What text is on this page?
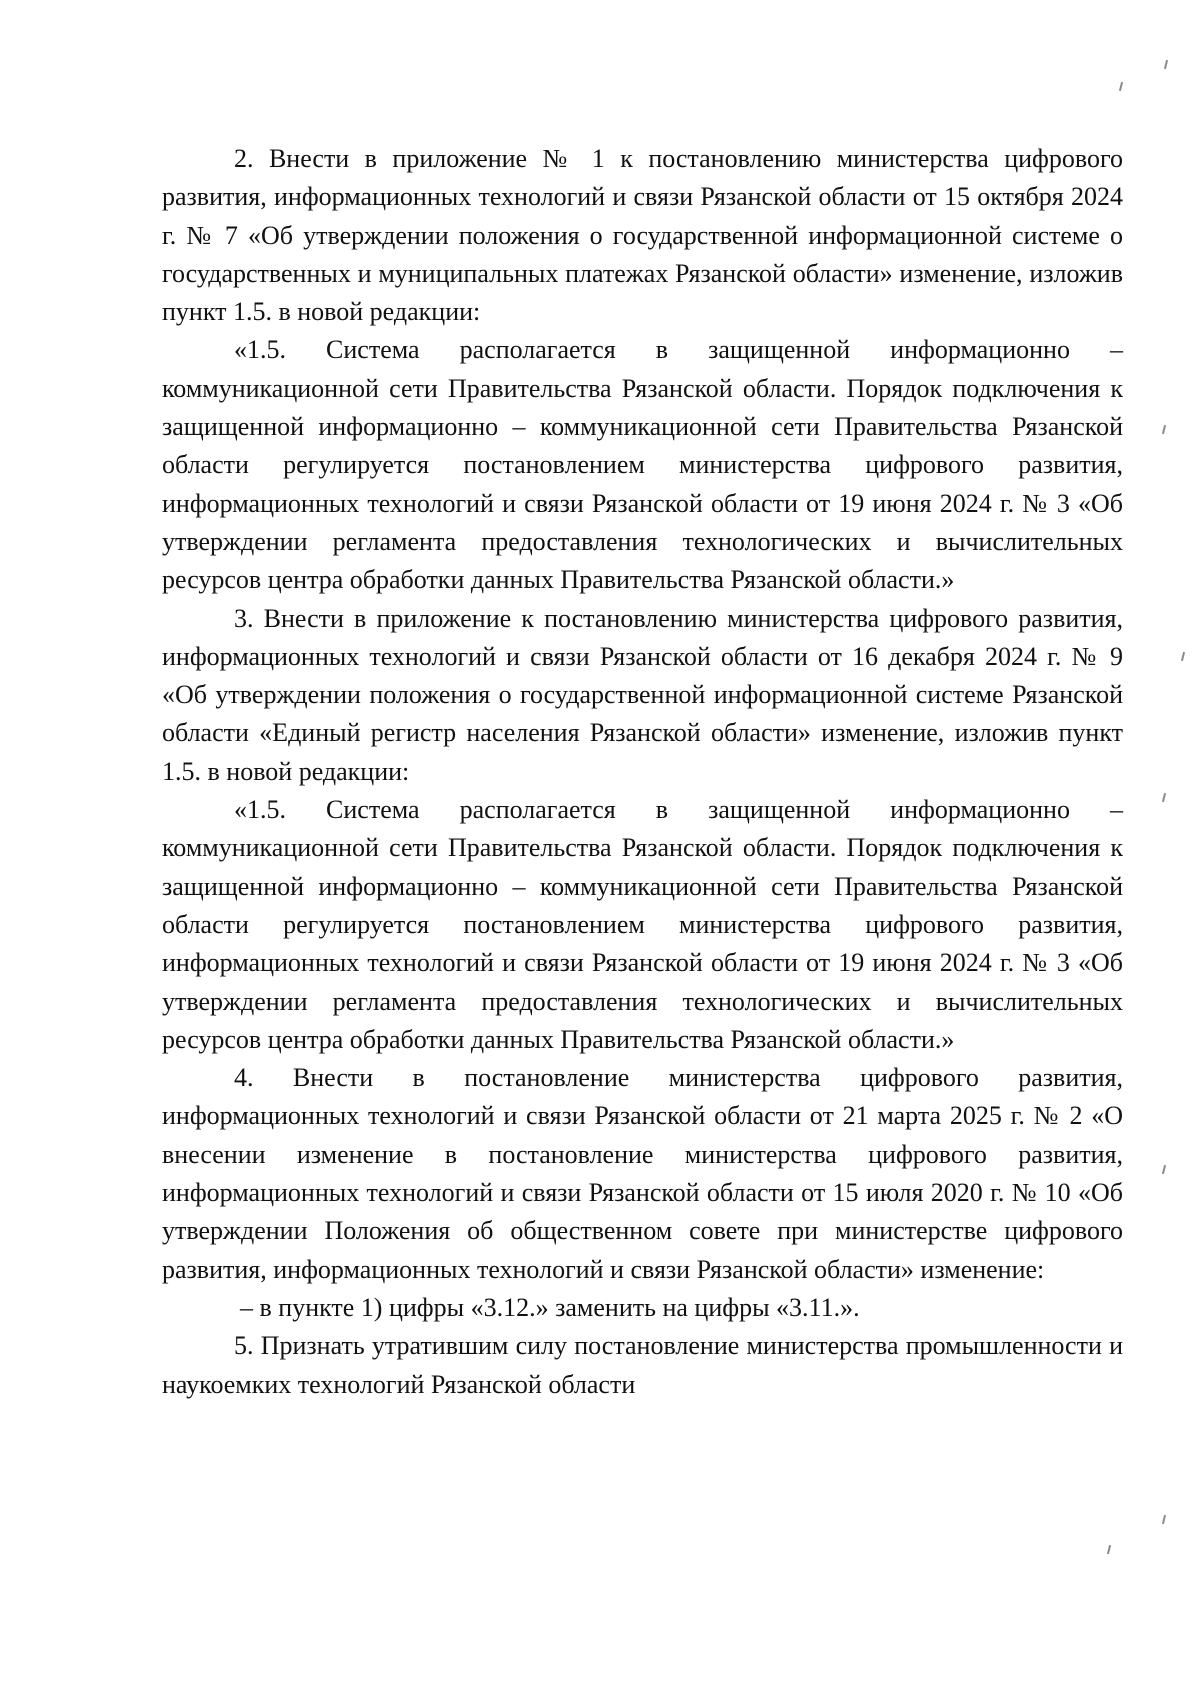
2. Внести в приложение № 1 к постановлению министерства цифрового развития, информационных технологий и связи Рязанской области от 15 октября 2024 г. № 7 «Об утверждении положения о государственной информационной системе о государственных и муниципальных платежах Рязанской области» изменение, изложив пункт 1.5. в новой редакции:

«1.5. Система располагается в защищенной информационно – коммуникационной сети Правительства Рязанской области. Порядок подключения к защищенной информационно – коммуникационной сети Правительства Рязанской области регулируется постановлением министерства цифрового развития, информационных технологий и связи Рязанской области от 19 июня 2024 г. № 3 «Об утверждении регламента предоставления технологических и вычислительных ресурсов центра обработки данных Правительства Рязанской области.»

3. Внести в приложение к постановлению министерства цифрового развития, информационных технологий и связи Рязанской области от 16 декабря 2024 г. № 9 «Об утверждении положения о государственной информационной системе Рязанской области «Единый регистр населения Рязанской области» изменение, изложив пункт 1.5. в новой редакции:

«1.5. Система располагается в защищенной информационно – коммуникационной сети Правительства Рязанской области. Порядок подключения к защищенной информационно – коммуникационной сети Правительства Рязанской области регулируется постановлением министерства цифрового развития, информационных технологий и связи Рязанской области от 19 июня 2024 г. № 3 «Об утверждении регламента предоставления технологических и вычислительных ресурсов центра обработки данных Правительства Рязанской области.»

4. Внести в постановление министерства цифрового развития, информационных технологий и связи Рязанской области от 21 марта 2025 г. № 2 «О внесении изменение в постановление министерства цифрового развития, информационных технологий и связи Рязанской области от 15 июля 2020 г. № 10 «Об утверждении Положения об общественном совете при министерстве цифрового развития, информационных технологий и связи Рязанской области» изменение:

– в пункте 1) цифры «3.12.» заменить на цифры «3.11.».

5. Признать утратившим силу постановление министерства промышленности и наукоемких технологий Рязанской области
